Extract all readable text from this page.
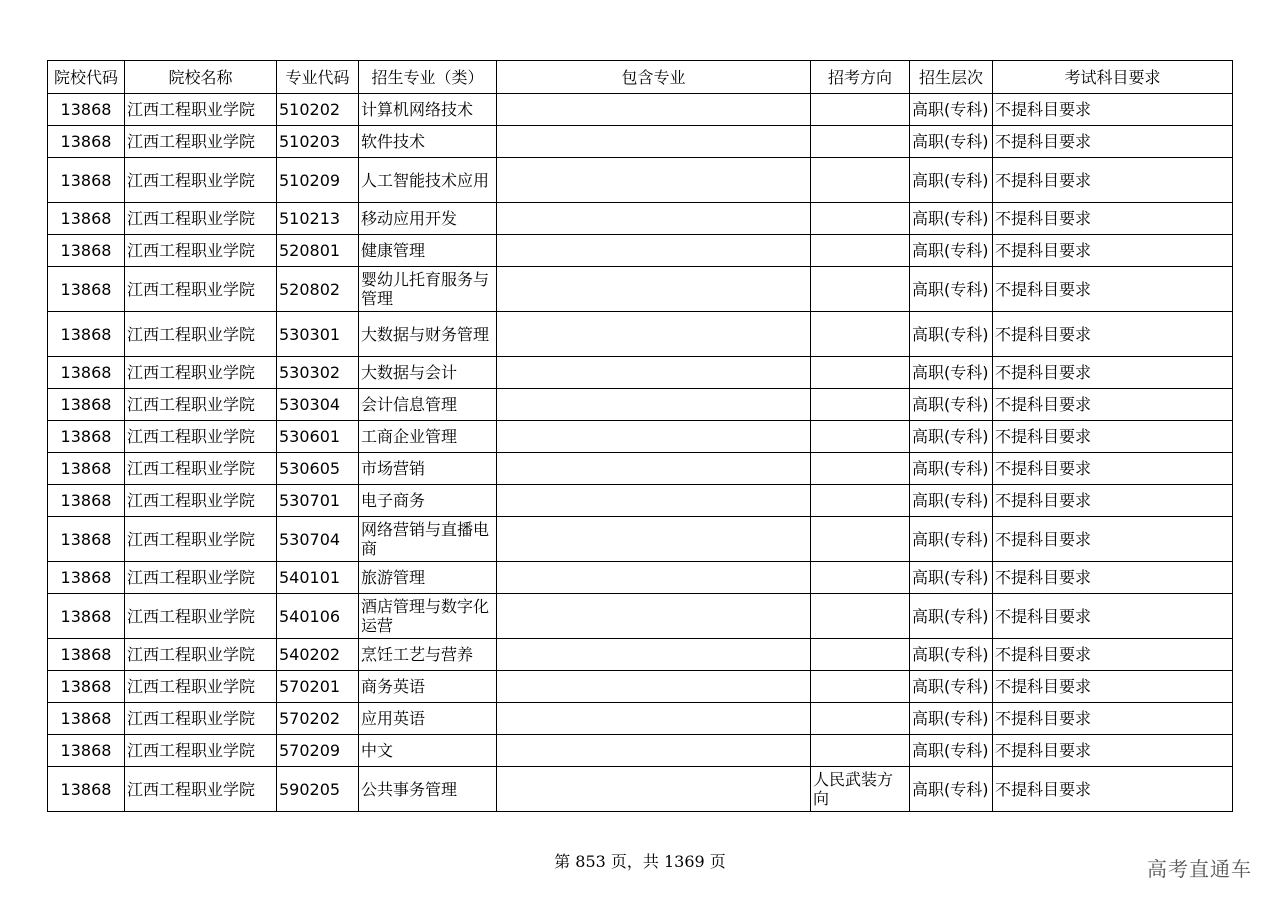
院校代码	院校名称	专业代码	招生专业（类）	包含专业	招考方向	招生层次	考试科目要求
13868	江西工程职业学院	510202	计算机网络技术			高职(专科)	不提科目要求
13868	江西工程职业学院	510203	软件技术			高职(专科)	不提科目要求
13868	江西工程职业学院	510209	人工智能技术应用			高职(专科)	不提科目要求
13868	江西工程职业学院	510213	移动应用开发			高职(专科)	不提科目要求
13868	江西工程职业学院	520801	健康管理			高职(专科)	不提科目要求
13868	江西工程职业学院	520802	婴幼儿托育服务与管理			高职(专科)	不提科目要求
13868	江西工程职业学院	530301	大数据与财务管理			高职(专科)	不提科目要求
13868	江西工程职业学院	530302	大数据与会计			高职(专科)	不提科目要求
13868	江西工程职业学院	530304	会计信息管理			高职(专科)	不提科目要求
13868	江西工程职业学院	530601	工商企业管理			高职(专科)	不提科目要求
13868	江西工程职业学院	530605	市场营销			高职(专科)	不提科目要求
13868	江西工程职业学院	530701	电子商务			高职(专科)	不提科目要求
13868	江西工程职业学院	530704	网络营销与直播电商			高职(专科)	不提科目要求
13868	江西工程职业学院	540101	旅游管理			高职(专科)	不提科目要求
13868	江西工程职业学院	540106	酒店管理与数字化运营			高职(专科)	不提科目要求
13868	江西工程职业学院	540202	烹饪工艺与营养			高职(专科)	不提科目要求
13868	江西工程职业学院	570201	商务英语			高职(专科)	不提科目要求
13868	江西工程职业学院	570202	应用英语			高职(专科)	不提科目要求
13868	江西工程职业学院	570209	中文			高职(专科)	不提科目要求
13868	江西工程职业学院	590205	公共事务管理		人民武装方向	高职(专科)	不提科目要求
第 853 页，共 1369 页	高考直通车
